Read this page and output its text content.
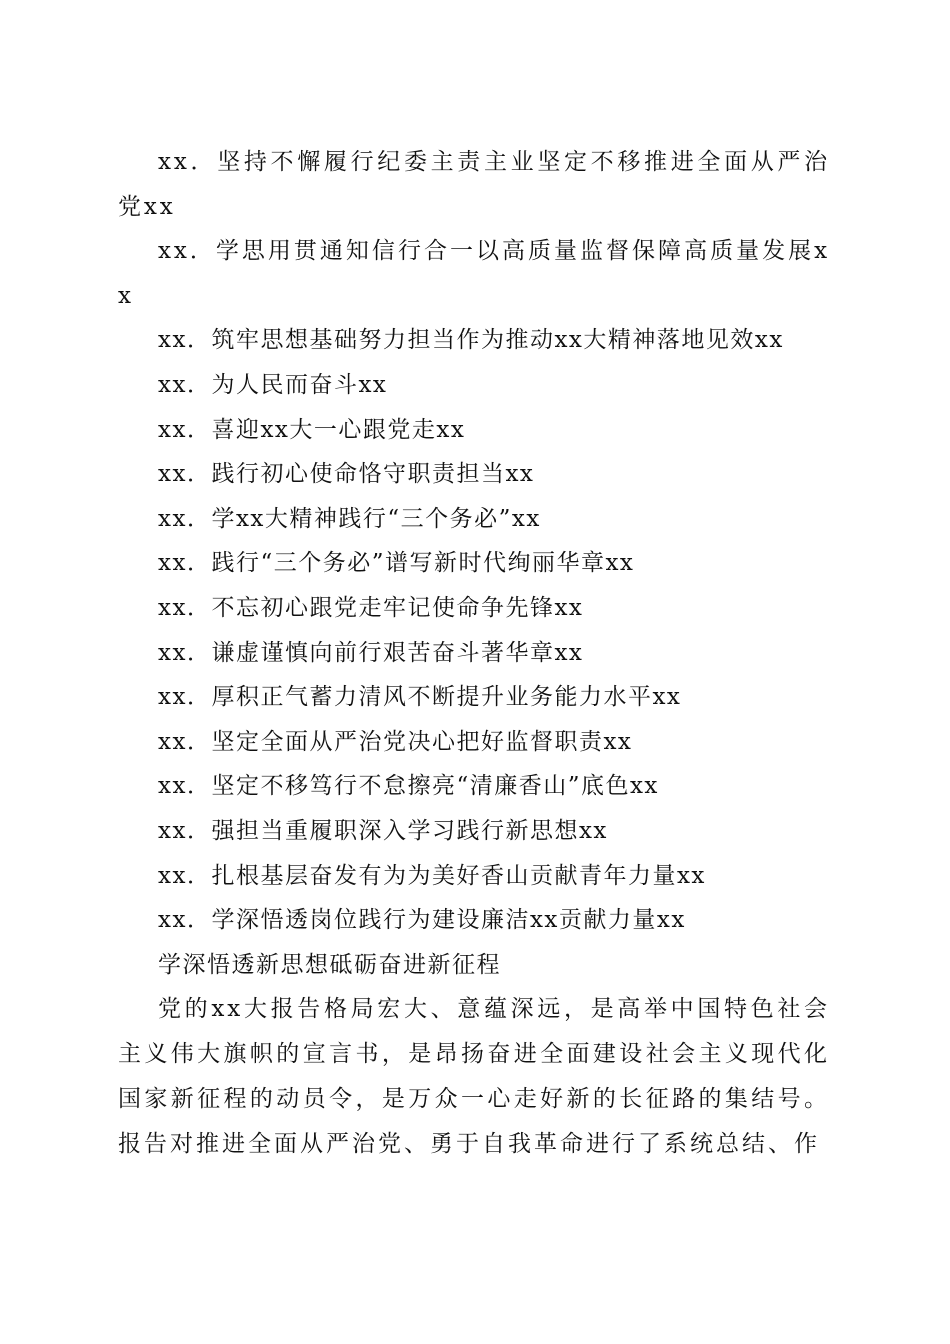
xx．坚持不懈履行纪委主责主业坚定不移推进全面从严治党xx
xx．学思用贯通知信行合一以高质量监督保障高质量发展xx
xx．筑牢思想基础努力担当作为推动xx大精神落地见效xx
xx．为人民而奋斗xx
xx．喜迎xx大一心跟党走xx
xx．践行初心使命恪守职责担当xx
xx．学xx大精神践行“三个务必”xx
xx．践行“三个务必”谱写新时代绚丽华章xx
xx．不忘初心跟党走牢记使命争先锋xx
xx．谦虚谨慎向前行艰苦奋斗著华章xx
xx．厚积正气蓄力清风不断提升业务能力水平xx
xx．坚定全面从严治党决心把好监督职责xx
xx．坚定不移笃行不怠擦亮“清廉香山”底色xx
xx．强担当重履职深入学习践行新思想xx
xx．扎根基层奋发有为为美好香山贡献青年力量xx
xx．学深悟透岗位践行为建设廉洁xx贡献力量xx
学深悟透新思想砥砺奋进新征程
党的xx大报告格局宏大、意蕴深远，是高举中国特色社会主义伟大旗帜的宣言书，是昂扬奋进全面建设社会主义现代化国家新征程的动员令，是万众一心走好新的长征路的集结号。报告对推进全面从严治党、勇于自我革命进行了系统总结、作
